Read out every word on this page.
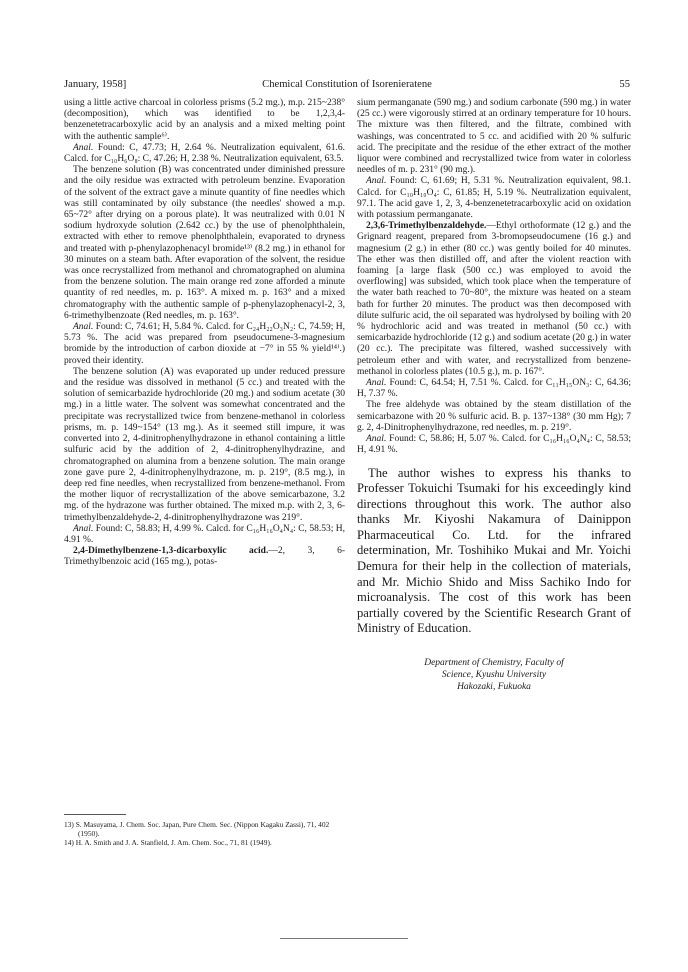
January, 1958]	Chemical Constitution of Isorenieratene	55

using a little active charcoal in colorless prisms (5.2 mg.), m.p. 215~238° (decomposition), which was identified to be 1,2,3,4-benzenetetracarboxylic acid by an analysis and a mixed melting point with the authentic sample⁶⁾.

Anal. Found: C, 47.73; H, 2.64 %. Neutralization equivalent, 61.6. Calcd. for C₁₀H₆O₈: C, 47.26; H, 2.38 %. Neutralization equivalent, 63.5.

The benzene solution (B) was concentrated under diminished pressure and the oily residue was extracted with petroleum benzine. Evaporation of the solvent of the extract gave a minute quantity of fine needles which was still contaminated by oily substance (the needles' showed a m.p. 65~72° after drying on a porous plate). It was neutralized with 0.01 N sodium hydroxyde solution (2.642 cc.) by the use of phenolphthalein, extracted with ether to remove phenolphthalein, evaporated to dryness and treated with p-phenylazophenacyl bromide¹³⁾ (8.2 mg.) in ethanol for 30 minutes on a steam bath. After evaporation of the solvent, the residue was once recrystallized from methanol and chromatographed on alumina from the benzene solution. The main orange red zone afforded a minute quantity of red needles, m. p. 163°. A mixed m. p. 163° and a mixed chromatography with the authentic sample of p-phenylazophenacyl-2, 3, 6-trimethylbenzoate (Red needles, m. p. 163°.

Anal. Found: C, 74.61; H, 5.84 %. Calcd. for C₂₄H₂₂O₃N₂: C, 74.59; H, 5.73 %. The acid was prepared from pseudocumene-3-magnesium bromide by the introduction of carbon dioxide at −7° in 55 % yield¹⁴⁾.) proved their identity.

The benzene solution (A) was evaporated up under reduced pressure and the residue was dissolved in methanol (5 cc.) and treated with the solution of semicarbazide hydrochloride (20 mg.) and sodium acetate (30 mg.) in a little water. The solvent was somewhat concentrated and the precipitate was recrystallized twice from benzene-methanol in colorless prisms, m. p. 149~154° (13 mg.). As it seemed still impure, it was converted into 2, 4-dinitrophenylhydrazone in ethanol containing a little sulfuric acid by the addition of 2, 4-dinitrophenylhydrazine, and chromatographed on alumina from a benzene solution. The main orange zone gave pure 2, 4-dinitrophenylhydrazone, m. p. 219°, (8.5 mg.), in deep red fine needles, when recrystallized from benzene-methanol. From the mother liquor of recrystallization of the above semicarbazone, 3.2 mg. of the hydrazone was further obtained. The mixed m.p. with 2, 3, 6-trimethylbenzaldehyde-2, 4-dinitrophenylhydrazone was 219°.

Anal. Found: C, 58.83; H, 4.99 %. Calcd. for C₁₆H₁₆O₄N₄: C, 58.53; H, 4.91 %.

2,4-Dimethylbenzene-1,3-dicarboxylic acid.—2, 3, 6-Trimethylbenzoic acid (165 mg.), potas-

sium permanganate (590 mg.) and sodium carbonate (590 mg.) in water (25 cc.) were vigorously stirred at an ordinary temperature for 10 hours. The mixture was then filtered, and the filtrate, combined with washings, was concentrated to 5 cc. and acidified with 20 % sulfuric acid. The precipitate and the residue of the ether extract of the mother liquor were combined and recrystallized twice from water in colorless needles of m. p. 231° (90 mg.).

Anal. Found: C, 61.69; H, 5.31 %. Neutralization equivalent, 98.1. Calcd. for C₁₀H₁₀O₄: C, 61.85; H, 5.19 %. Neutralization equivalent, 97.1. The acid gave 1, 2, 3, 4-benzenetetracarboxylic acid on oxidation with potassium permanganate.

2,3,6-Trimethylbenzaldehyde.—Ethyl orthoformate (12 g.) and the Grignard reagent, prepared from 3-bromopseudocumene (16 g.) and magnesium (2 g.) in ether (80 cc.) was gently boiled for 40 minutes. The ether was then distilled off, and after the violent reaction with foaming [a large flask (500 cc.) was employed to avoid the overflowing] was subsided, which took place when the temperature of the water bath reached to 70~80°, the mixture was heated on a steam bath for further 20 minutes. The product was then decomposed with dilute sulfuric acid, the oil separated was hydrolysed by boiling with 20 % hydrochloric acid and was treated in methanol (50 cc.) with semicarbazide hydrochloride (12 g.) and sodium acetate (20 g.) in water (20 cc.). The precipitate was filtered, washed successively with petroleum ether and with water, and recrystallized from benzene-methanol in colorless plates (10.5 g.), m. p. 167°.

Anal. Found: C, 64.54; H, 7.51 %. Calcd. for C₁₁H₁₅ON₃: C, 64.36; H, 7.37 %.

The free aldehyde was obtained by the steam distillation of the semicarbazone with 20 % sulfuric acid. B. p. 137~138° (30 mm Hg); 7 g. 2, 4-Dinitrophenylhydrazone, red needles, m. p. 219°.

Anal. Found: C, 58.86; H, 5.07 %. Calcd. for C₁₆H₁₆O₄N₄: C, 58.53; H, 4.91 %.

The author wishes to express his thanks to Professer Tokuichi Tsumaki for his exceedingly kind directions throughout this work. The author also thanks Mr. Kiyoshi Nakamura of Dainippon Pharmaceutical Co. Ltd. for the infrared determination, Mr. Toshihiko Mukai and Mr. Yoichi Demura for their help in the collection of materials, and Mr. Michio Shido and Miss Sachiko Indo for microanalysis. The cost of this work has been partially covered by the Scientific Research Grant of Ministry of Education.

Department of Chemistry, Faculty of
Science, Kyushu University
Hakozaki, Fukuoka

13) S. Masuyama, J. Chem. Soc. Japan, Pure Chem. Sec. (Nippon Kagaku Zassi), 71, 402 (1950).

14) H. A. Smith and J. A. Stanfield, J. Am. Chem. Soc., 71, 81 (1949).
